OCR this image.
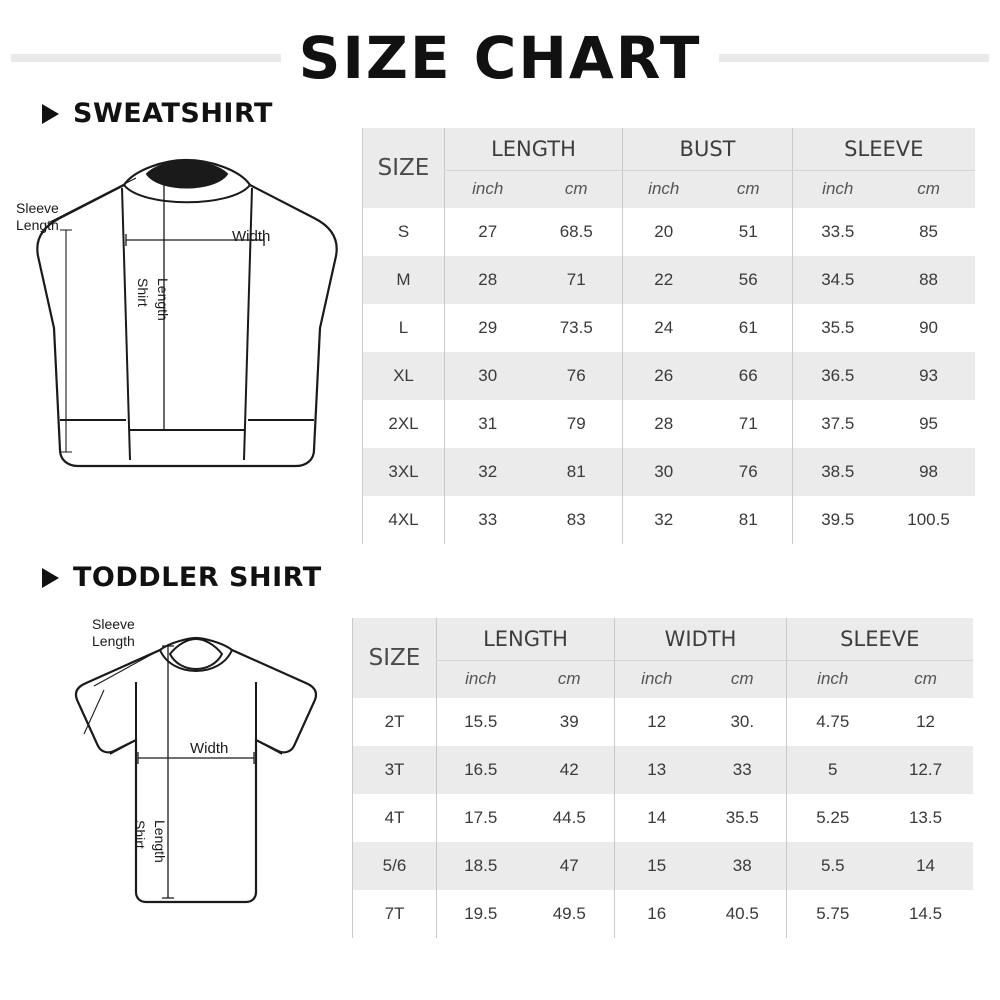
SIZE CHART
SWEATSHIRT
Sleeve
Length
Width
Shirt Length
SIZE	LENGTH		BUST		SLEEVE	
	inch	cm	inch	cm	inch	cm
S	27	68.5	20	51	33.5	85
M	28	71	22	56	34.5	88
L	29	73.5	24	61	35.5	90
XL	30	76	26	66	36.5	93
2XL	31	79	28	71	37.5	95
3XL	32	81	30	76	38.5	98
4XL	33	83	32	81	39.5	100.5
TODDLER SHIRT
Sleeve
Length
Width
Shirt Length
SIZE	LENGTH		WIDTH		SLEEVE	
	inch	cm	inch	cm	inch	cm
2T	15.5	39	12	30.	4.75	12
3T	16.5	42	13	33	5	12.7
4T	17.5	44.5	14	35.5	5.25	13.5
5/6	18.5	47	15	38	5.5	14
7T	19.5	49.5	16	40.5	5.75	14.5
